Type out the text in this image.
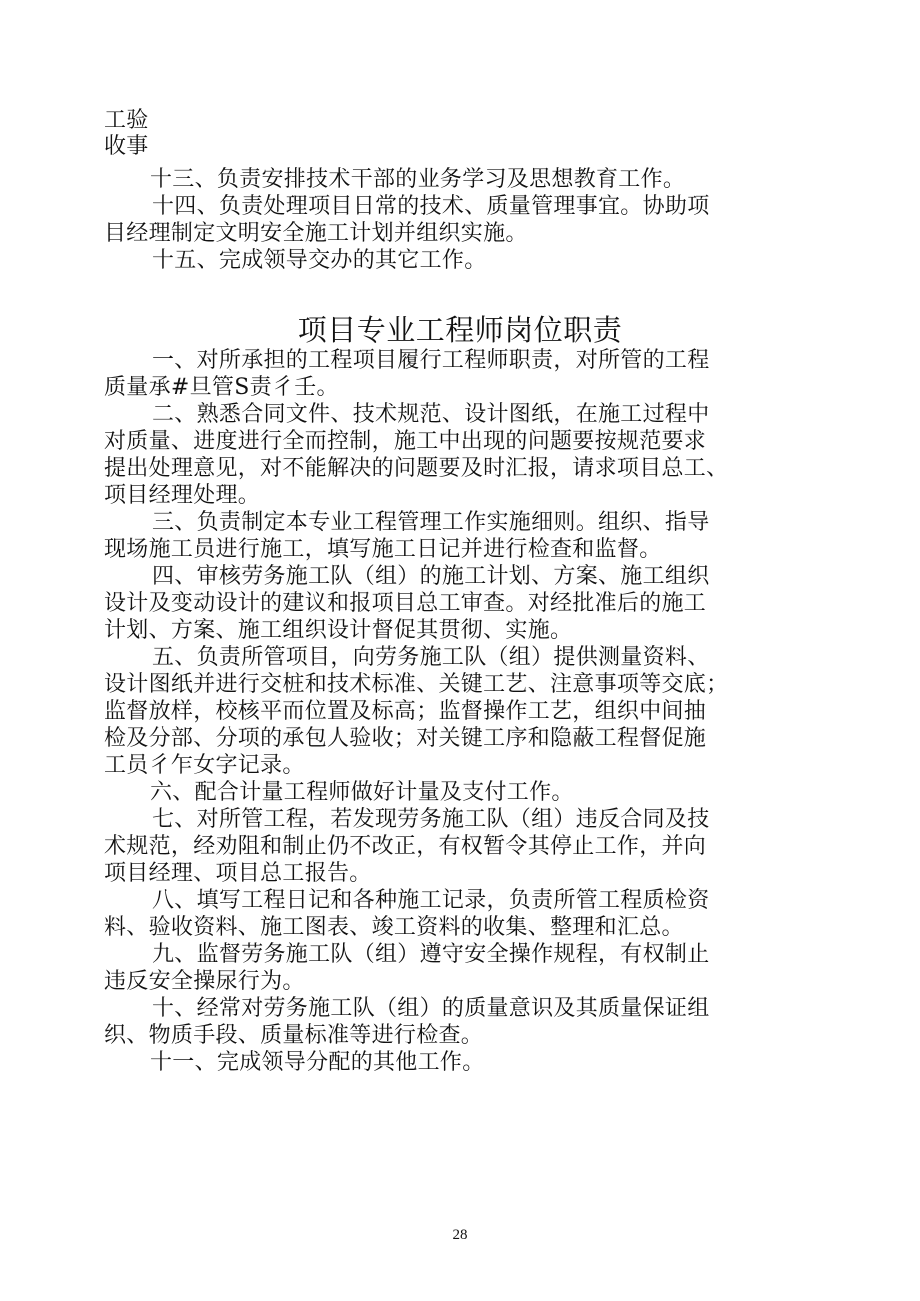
工验
收事
十三、负责安排技术干部的业务学习及思想教育工作。
十四、负责处理项目日常的技术、质量管理事宜。协助项
目经理制定文明安全施工计划并组织实施。
十五、完成领导交办的其它工作。
项目专业工程师岗位职责
一、对所承担的工程项目履行工程师职责，对所管的工程
质量承#旦管S责彳壬。
二、熟悉合同文件、技术规范、设计图纸，在施工过程中
对质量、进度进行全而控制，施工中出现的问题要按规范要求
提出处理意见，对不能解决的问题要及时汇报，请求项目总工、
项目经理处理。
三、负责制定本专业工程管理工作实施细则。组织、指导
现场施工员进行施工，填写施工日记并进行检查和监督。
四、审核劳务施工队（组）的施工计划、方案、施工组织
设计及变动设计的建议和报项目总工审查。对经批准后的施工
计划、方案、施工组织设计督促其贯彻、实施。
五、负责所管项目，向劳务施工队（组）提供测量资料、
设计图纸并进行交桩和技术标准、关键工艺、注意事项等交底；
监督放样，校核平而位置及标高；监督操作工艺，组织中间抽
检及分部、分项的承包人验收；对关键工序和隐蔽工程督促施
工员彳乍女字记录。
六、配合计量工程师做好计量及支付工作。
七、对所管工程，若发现劳务施工队（组）违反合同及技
术规范，经劝阻和制止仍不改正，有权暂令其停止工作，并向
项目经理、项目总工报告。
八、填写工程日记和各种施工记录，负责所管工程质检资
料、验收资料、施工图表、竣工资料的收集、整理和汇总。
九、监督劳务施工队（组）遵守安全操作规程，有权制止
违反安全操尿行为。
十、经常对劳务施工队（组）的质量意识及其质量保证组
织、物质手段、质量标准等进行检查。
十一、完成领导分配的其他工作。
28
